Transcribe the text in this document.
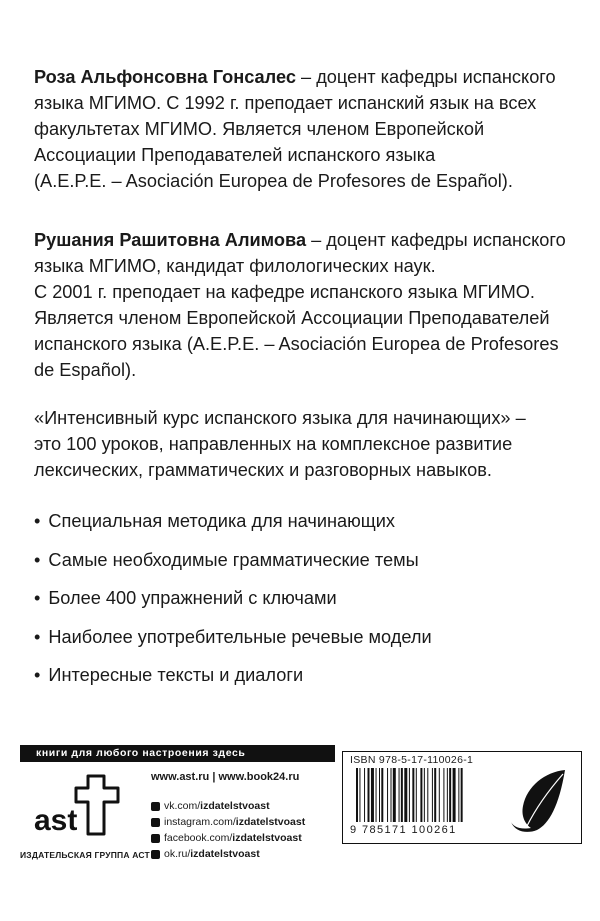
Роза Альфонсовна Гонсалес – доцент кафедры испанского
языка МГИМО. С 1992 г. преподает испанский язык на всех
факультетах МГИМО. Является членом Европейской
Ассоциации Преподавателей испанского языка
(A.E.P.E. – Asociación Europea de Profesores de Español).
Рушания Рашитовна Алимова – доцент кафедры испанского
языка МГИМО, кандидат филологических наук.
С 2001 г. преподает на кафедре испанского языка МГИМО.
Является членом Европейской Ассоциации Преподавателей
испанского языка (A.E.P.E. – Asociación Europea de Profesores
de Español).
«Интенсивный курс испанского языка для начинающих» –
это 100 уроков, направленных на комплексное развитие
лексических, грамматических и разговорных навыков.
• Специальная методика для начинающих
• Самые необходимые грамматические темы
• Более 400 упражнений с ключами
• Наиболее употребительные речевые модели
• Интересные тексты и диалоги
книги для любого настроения здесь
ast
ИЗДАТЕЛЬСКАЯ ГРУППА АСТ
www.ast.ru | www.book24.ru
vk.com/ izdatelstvoast
instagram.com/ izdatelstvoast
facebook.com/ izdatelstvoast
ok.ru/ izdatelstvoast
ISBN 978-5-17-110026-1
9 785171 100261
